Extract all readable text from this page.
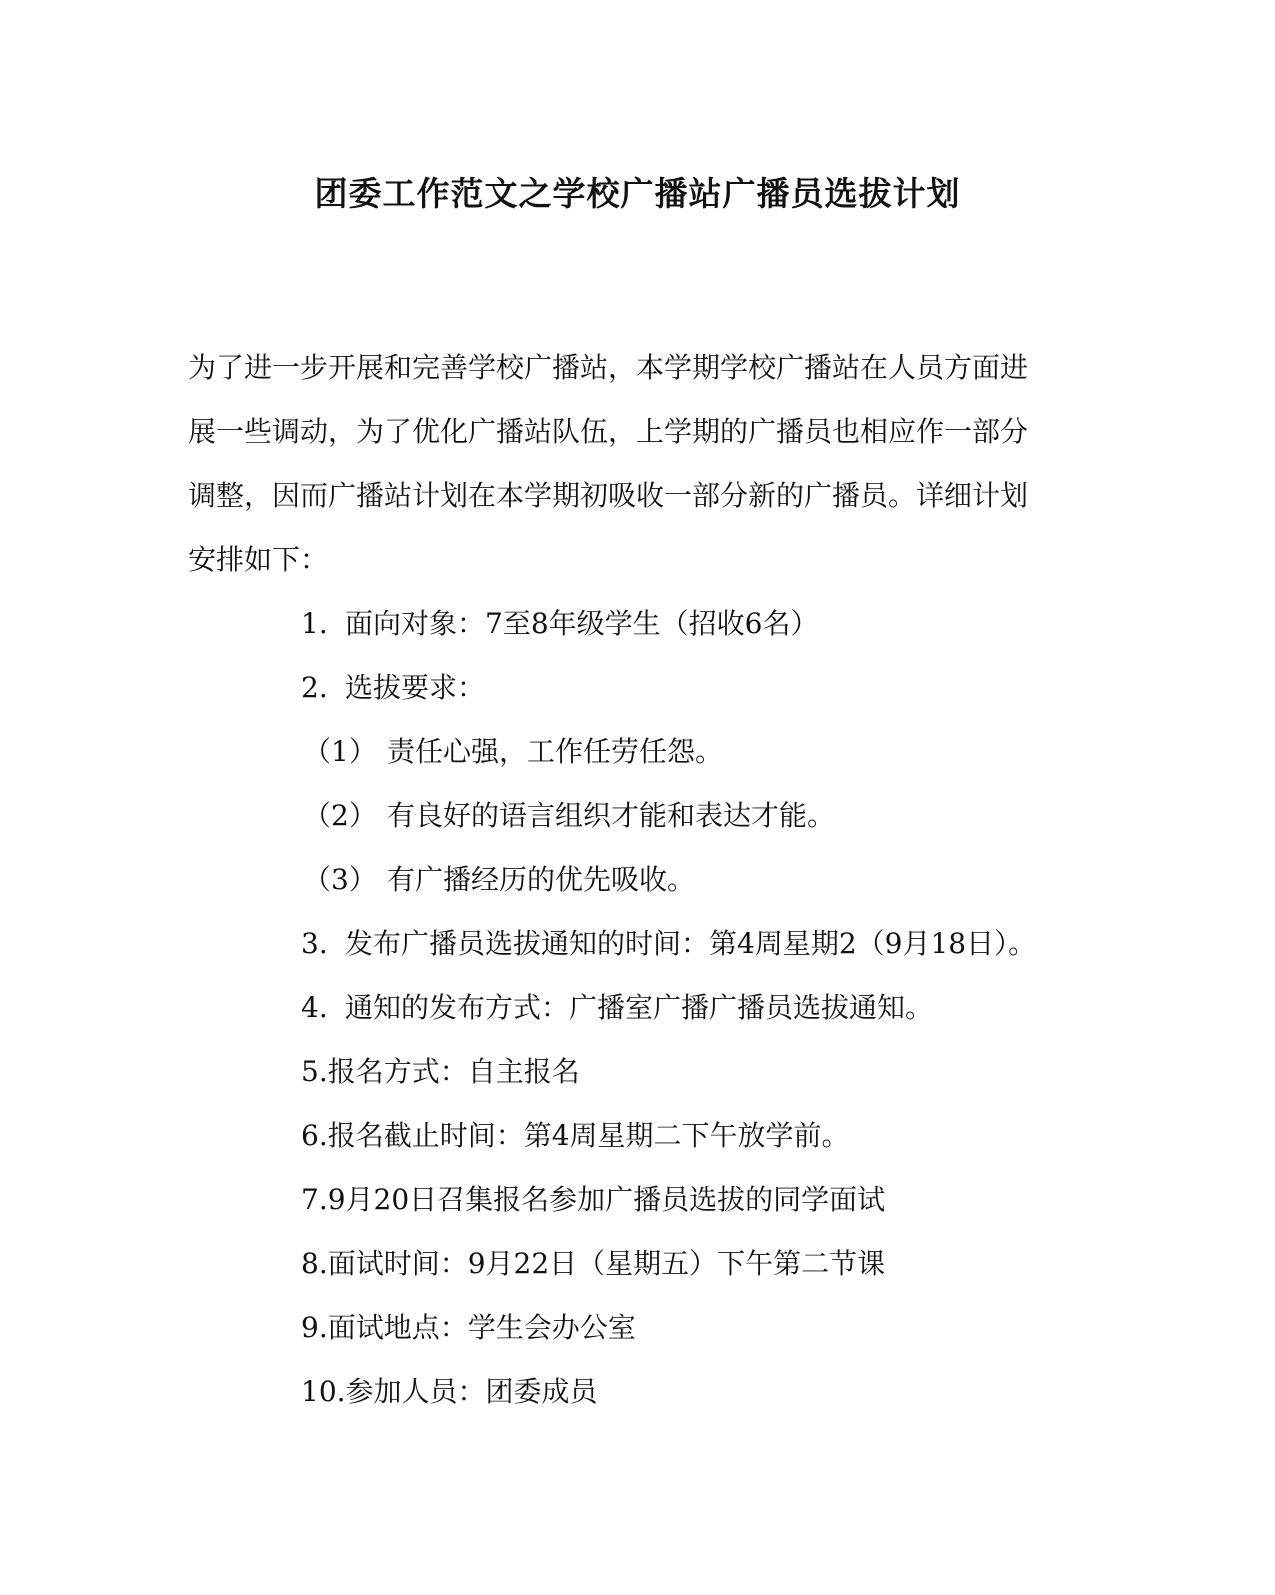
团委工作范文之学校广播站广播员选拔计划
为了进一步开展和完善学校广播站，本学期学校广播站在人员方面进
展一些调动，为了优化广播站队伍，上学期的广播员也相应作一部分
调整，因而广播站计划在本学期初吸收一部分新的广播员。详细计划
安排如下：
1. 面向对象：7至8年级学生（招收6名）
2. 选拔要求：
（1） 责任心强，工作任劳任怨。
（2） 有良好的语言组织才能和表达才能。
（3） 有广播经历的优先吸收。
3. 发布广播员选拔通知的时间：第4周星期2（9月18日）。
4. 通知的发布方式：广播室广播广播员选拔通知。
5.报名方式：自主报名
6.报名截止时间：第4周星期二下午放学前。
7.9月20日召集报名参加广播员选拔的同学面试
8.面试时间：9月22日（星期五）下午第二节课
9.面试地点：学生会办公室
10.参加人员：团委成员
